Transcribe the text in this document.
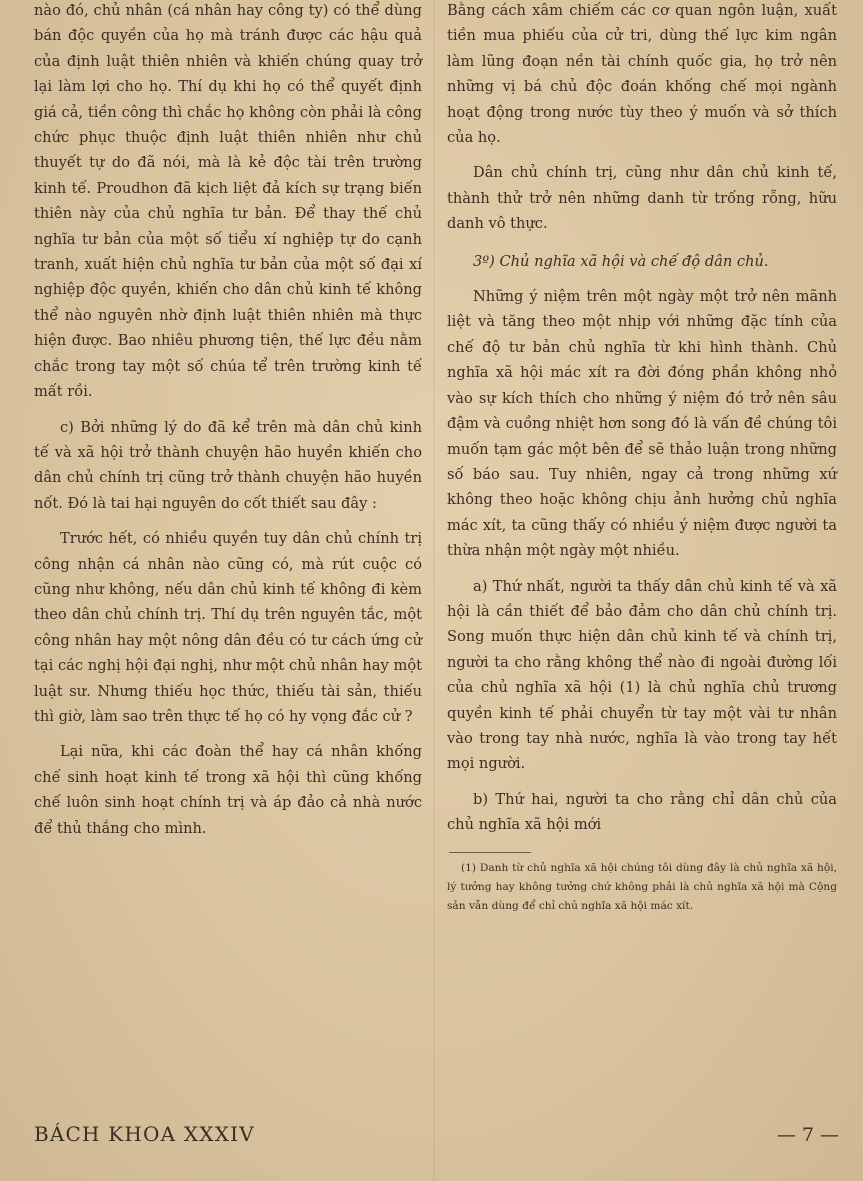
nào đó, chủ nhân (cá nhân hay công ty) có thể dùng bán độc quyền của họ mà tránh được các hậu quả của định luật thiên nhiên và khiến chúng quay trở lại làm lợi cho họ. Thí dụ khi họ có thể quyết định giá cả, tiền công thì chắc họ không còn phải là công chức phục thuộc định luật thiên nhiên như chủ thuyết tự do đã nói, mà là kẻ độc tài trên trường kinh tế. Proudhon đã kịch liệt đả kích sự trạng biến thiên này của chủ nghĩa tư bản. Để thay thế chủ nghĩa tư bản của một số tiểu xí nghiệp tự do cạnh tranh, xuất hiện chủ nghĩa tư bản của một số đại xí nghiệp độc quyền, khiến cho dân chủ kinh tế không thể nào nguyên nhờ định luật thiên nhiên mà thực hiện được. Bao nhiêu phương tiện, thế lực đều nằm chắc trong tay một số chúa tể trên trường kinh tế mất rồi.

c) Bởi những lý do đã kể trên mà dân chủ kinh tế và xã hội trở thành chuyện hão huyền khiến cho dân chủ chính trị cũng trở thành chuyện hão huyền nốt. Đó là tai hại nguyên do cốt thiết sau đây :

Trước hết, có nhiều quyền tuy dân chủ chính trị công nhận cá nhân nào cũng có, mà rút cuộc có cũng như không, nếu dân chủ kinh tế không đi kèm theo dân chủ chính trị. Thí dụ trên nguyên tắc, một công nhân hay một nông dân đều có tư cách ứng cử tại các nghị hội đại nghị, như một chủ nhân hay một luật sư. Nhưng thiếu học thức, thiếu tài sản, thiếu thì giờ, làm sao trên thực tế họ có hy vọng đắc cử ?

Lại nữa, khi các đoàn thể hay cá nhân khống chế sinh hoạt kinh tế trong xã hội thì cũng khống chế luôn sinh hoạt chính trị và áp đảo cả nhà nước để thủ thắng cho mình.

Bằng cách xâm chiếm các cơ quan ngôn luận, xuất tiền mua phiếu của cử tri, dùng thế lực kim ngân làm lũng đoạn nền tài chính quốc gia, họ trở nên những vị bá chủ độc đoán khống chế mọi ngành hoạt động trong nước tùy theo ý muốn và sở thích của họ.

Dân chủ chính trị, cũng như dân chủ kinh tế, thành thử trở nên những danh từ trống rỗng, hữu danh vô thực.

3º) Chủ nghĩa xã hội và chế độ dân chủ.

Những ý niệm trên một ngày một trở nên mãnh liệt và tăng theo một nhịp với những đặc tính của chế độ tư bản chủ nghĩa từ khi hình thành. Chủ nghĩa xã hội mác xít ra đời đóng phần không nhỏ vào sự kích thích cho những ý niệm đó trở nên sâu đậm và cuồng nhiệt hơn song đó là vấn đề chúng tôi muốn tạm gác một bên để sẽ thảo luận trong những số báo sau. Tuy nhiên, ngay cả trong những xứ không theo hoặc không chịu ảnh hưởng chủ nghĩa mác xít, ta cũng thấy có nhiều ý niệm được người ta thừa nhận một ngày một nhiều.

a) Thứ nhất, người ta thấy dân chủ kinh tế và xã hội là cần thiết để bảo đảm cho dân chủ chính trị. Song muốn thực hiện dân chủ kinh tế và chính trị, người ta cho rằng không thể nào đi ngoài đường lối của chủ nghĩa xã hội (1) là chủ nghĩa chủ trương quyền kinh tế phải chuyển từ tay một vài tư nhân vào trong tay nhà nước, nghĩa là vào trong tay hết mọi người.

b) Thứ hai, người ta cho rằng chỉ dân chủ của chủ nghĩa xã hội mới

(1) Danh từ chủ nghĩa xã hội chúng tôi dùng đây là chủ nghĩa xã hội, lý tưởng hay không tưởng chứ không phải là chủ nghĩa xã hội mà Cộng sản vẫn dùng để chỉ chủ nghĩa xã hội mác xít.

BÁCH KHOA XXXIV	— 7 —
